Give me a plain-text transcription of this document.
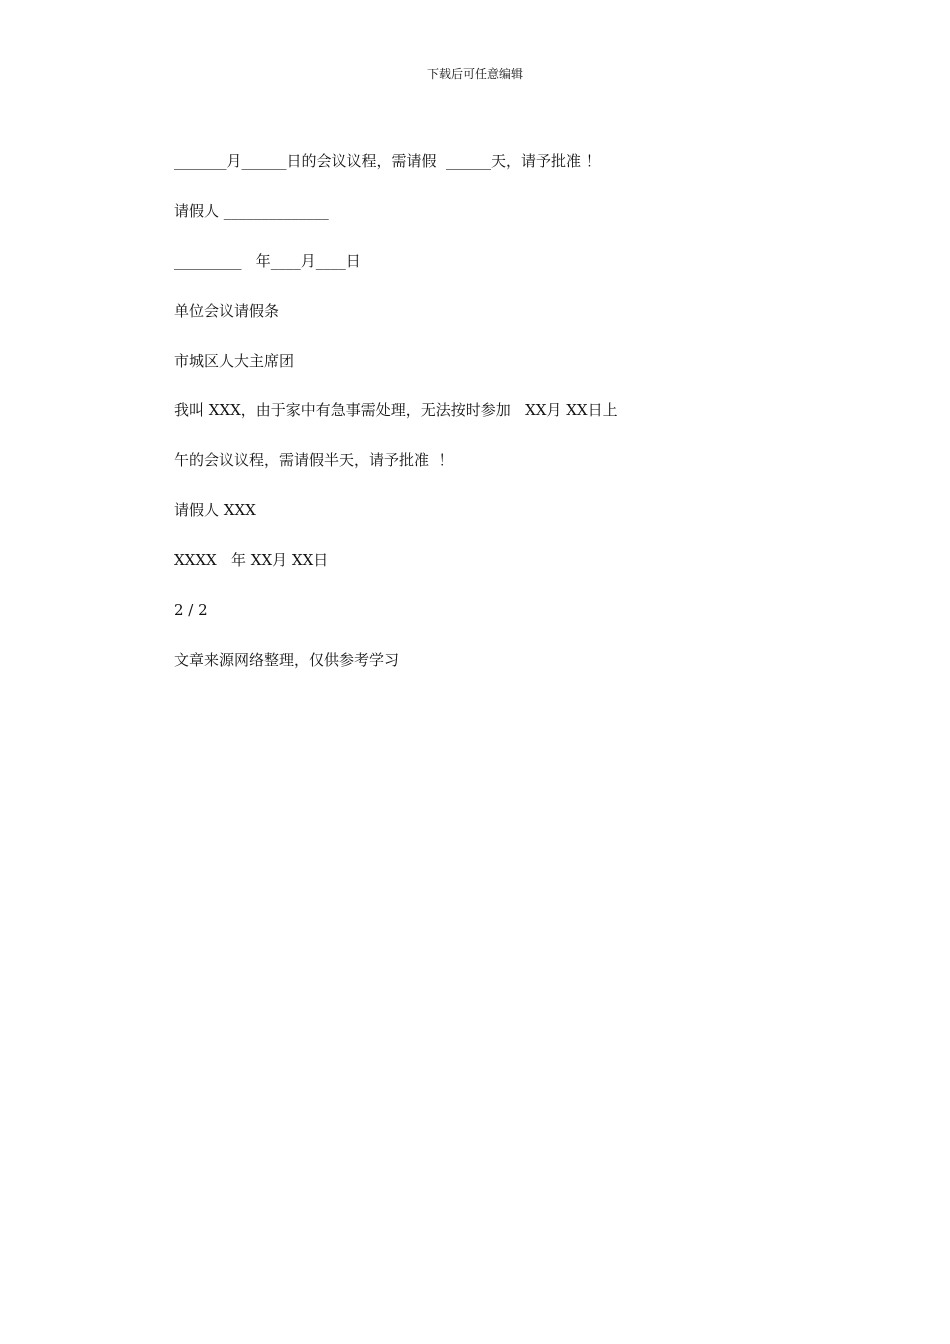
下载后可任意编辑
_______月______日的会议议程，需请假  ______天，请予批准 ！
请假人 ______________
_________   年____月____日
单位会议请假条
市城区人大主席团
我叫 XXX，由于家中有急事需处理，无法按时参加   XX月 XX日上
午的会议议程，需请假半天，请予批准  ！
请假人 XXX
XXXX   年 XX月 XX日
2 / 2
文章来源网络整理，仅供参考学习
